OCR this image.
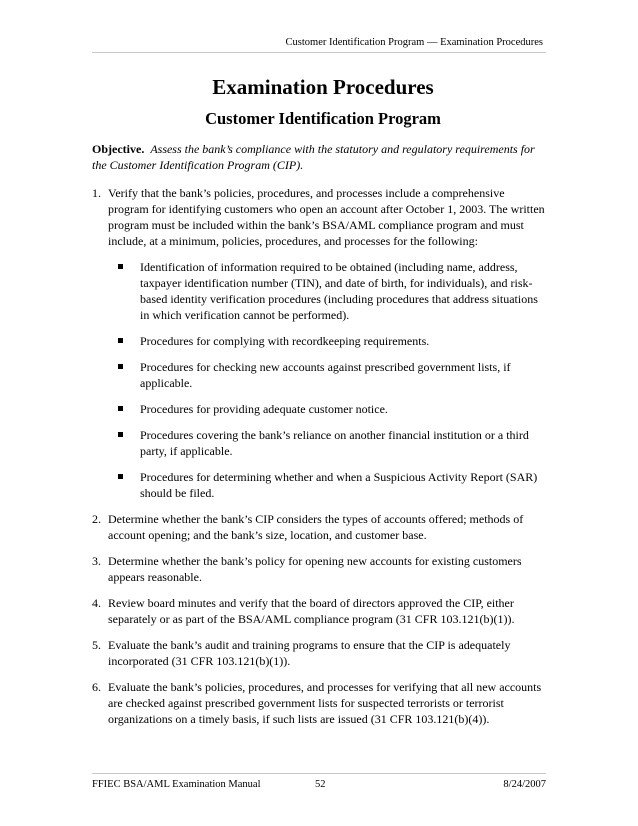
Customer Identification Program — Examination Procedures
Examination Procedures
Customer Identification Program

Objective. Assess the bank’s compliance with the statutory and regulatory requirements for the Customer Identification Program (CIP).

1. Verify that the bank’s policies, procedures, and processes include a comprehensive program for identifying customers who open an account after October 1, 2003. The written program must be included within the bank’s BSA/AML compliance program and must include, at a minimum, policies, procedures, and processes for the following:
Identification of information required to be obtained (including name, address, taxpayer identification number (TIN), and date of birth, for individuals), and risk-based identity verification procedures (including procedures that address situations in which verification cannot be performed).
Procedures for complying with recordkeeping requirements.
Procedures for checking new accounts against prescribed government lists, if applicable.
Procedures for providing adequate customer notice.
Procedures covering the bank’s reliance on another financial institution or a third party, if applicable.
Procedures for determining whether and when a Suspicious Activity Report (SAR) should be filed.
2. Determine whether the bank’s CIP considers the types of accounts offered; methods of account opening; and the bank’s size, location, and customer base.
3. Determine whether the bank’s policy for opening new accounts for existing customers appears reasonable.
4. Review board minutes and verify that the board of directors approved the CIP, either separately or as part of the BSA/AML compliance program (31 CFR 103.121(b)(1)).
5. Evaluate the bank’s audit and training programs to ensure that the CIP is adequately incorporated (31 CFR 103.121(b)(1)).
6. Evaluate the bank’s policies, procedures, and processes for verifying that all new accounts are checked against prescribed government lists for suspected terrorists or terrorist organizations on a timely basis, if such lists are issued (31 CFR 103.121(b)(4)).
FFIEC BSA/AML Examination Manual	52	8/24/2007
